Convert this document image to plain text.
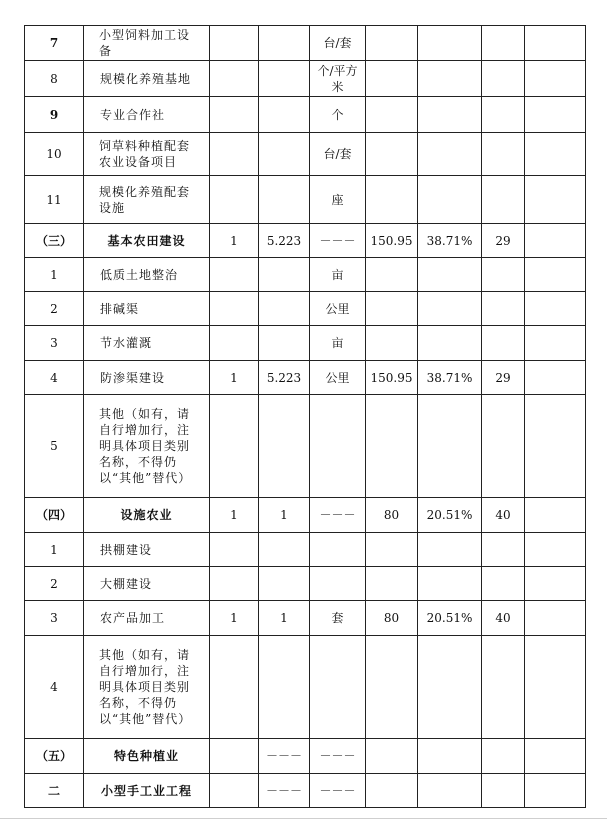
7	小型饲料加工设备			台/套				
8	规模化养殖基地			个/平方米				
9	专业合作社			个				
10	饲草料种植配套农业设备项目			台/套				
11	规模化养殖配套设施			座				
（三）	基本农田建设	1	5.223	－－－	150.95	38.71%	29	
1	低质土地整治			亩				
2	排碱渠			公里				
3	节水灌溉			亩				
4	防渗渠建设	1	5.223	公里	150.95	38.71%	29	
5	其他（如有，请自行增加行，注明具体项目类别名称，不得仍以“其他”替代）							
（四）	设施农业	1	1	－－－	80	20.51%	40	
1	拱棚建设							
2	大棚建设							
3	农产品加工	1	1	套	80	20.51%	40	
4	其他（如有，请自行增加行，注明具体项目类别名称，不得仍以“其他”替代）							
（五）	特色种植业		－－－	－－－				
二	小型手工业工程		－－－	－－－				
